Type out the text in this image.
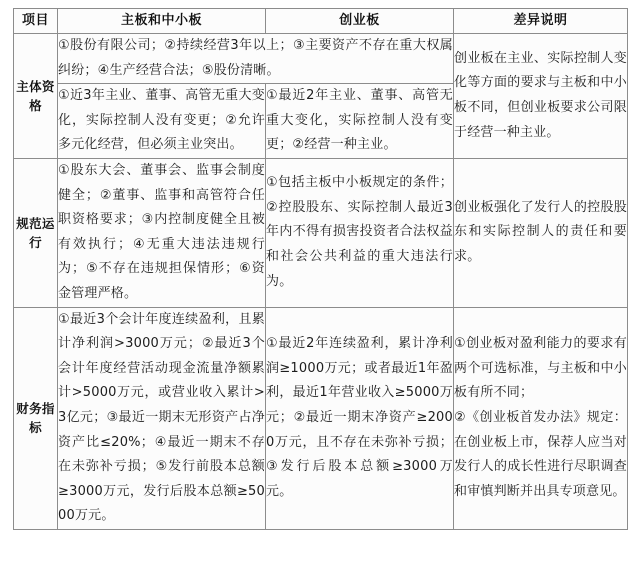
项目	主板和中小板	创业板	差异说明
主体资格	①股份有限公司；②持续经营3年以上；③主要资产不存在重大权属纠纷；④生产经营合法；⑤股份清晰。		创业板在主业、实际控制人变化等方面的要求与主板和中小板不同，但创业板要求公司限于经营一种主业。
	①近3年主业、董事、高管无重大变化，实际控制人没有变更；②允许多元化经营，但必须主业突出。	①最近2年主业、董事、高管无重大变化，实际控制人没有变更；②经营一种主业。	
规范运行	①股东大会、董事会、监事会制度健全；②董事、监事和高管符合任职资格要求；③内控制度健全且被有效执行；④无重大违法违规行为；⑤不存在违规担保情形；⑥资金管理严格。	①包括主板中小板规定的条件；②控股股东、实际控制人最近3年内不得有损害投资者合法权益和社会公共利益的重大违法行为。	创业板强化了发行人的控股股东和实际控制人的责任和要求。
财务指标	①最近3个会计年度连续盈利，且累计净利润>3000万元；②最近3个会计年度经营活动现金流量净额累计>5000万元，或营业收入累计>3亿元；③最近一期末无形资产占净资产比≤20%；④最近一期末不存在未弥补亏损；⑤发行前股本总额≥3000万元，发行后股本总额≥5000万元。	①最近2年连续盈利，累计净利润≥1000万元；或者最近1年盈利，最近1年营业收入≥5000万元；②最近一期末净资产≥2000万元，且不存在未弥补亏损；③发行后股本总额≥3000万元。	①创业板对盈利能力的要求有两个可选标准，与主板和中小板有所不同；

②《创业板首发办法》规定：在创业板上市，保荐人应当对发行人的成长性进行尽职调查和审慎判断并出具专项意见。
